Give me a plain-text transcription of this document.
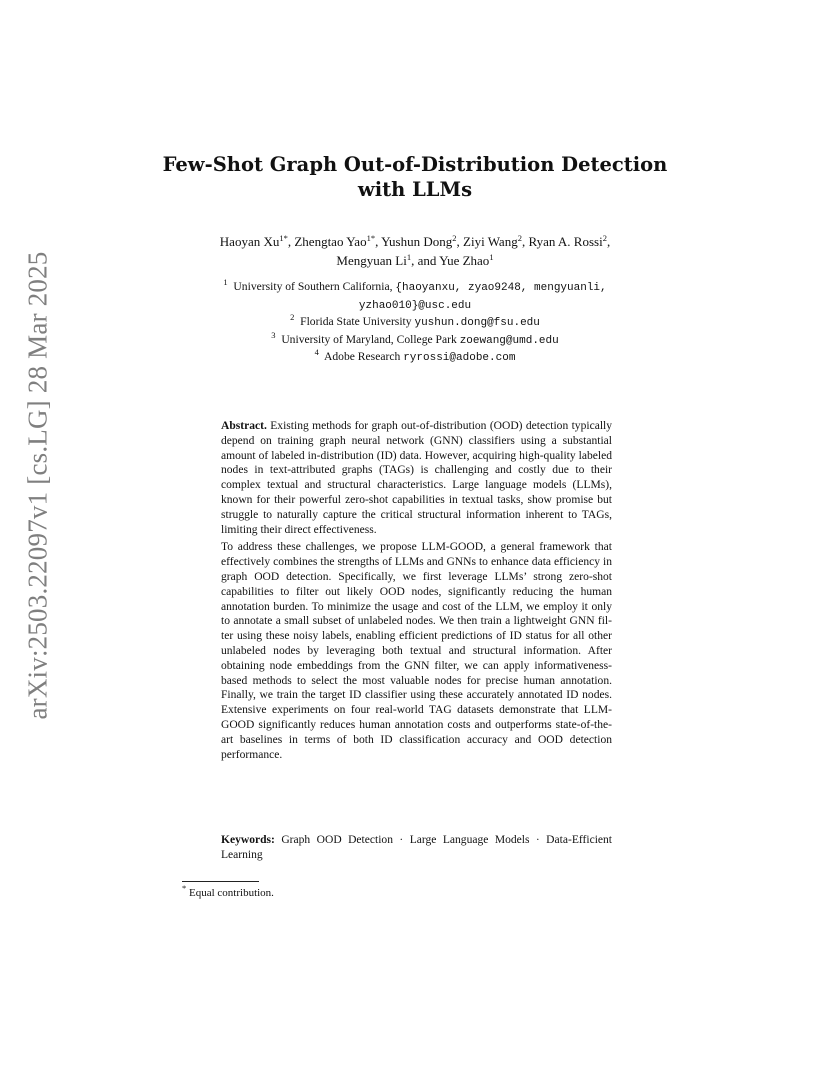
arXiv:2503.22097v1 [cs.LG] 28 Mar 2025
Few-Shot Graph Out-of-Distribution Detection
with LLMs
Haoyan $Xu^{1*}$, Zhengtao Yao$^{1*}$, Yushun Dong$^2$, Ziyi Wang$^2$, Ryan A. Rossi$^2$,
Mengyuan Li$^1$, and Yue Zhao$^1$
$^1$ University of Southern California, {haoyanxu, zyao9248, mengyuanli,
yzhao010}@usc.edu
$^2$ Florida State University yushun.dong@fsu.edu
$^3$ University of Maryland, College Park zoewang@umd.edu
$^4$ Adobe Research ryrossi@adobe.com

Abstract. Existing methods for graph out-of-distribution (OOD) detection typically depend on training graph neural network (GNN) classifiers using a substantial amount of labeled in-distribution (ID) data. However, acquiring high-quality labeled nodes in text-attributed graphs (TAGs) is challenging and costly due to their complex textual and structural characteristics. Large language models (LLMs), known for their powerful zero-shot capabilities in textual tasks, show promise but struggle to naturally capture the critical structural information inherent to TAGs, limiting their direct effectiveness.

To address these challenges, we propose LLM-GOOD, a general framework that effectively combines the strengths of LLMs and GNNs to enhance data efficiency in graph OOD detection. Specifically, we first leverage LLMs’ strong zero-shot capabilities to filter out likely OOD nodes, significantly reducing the human annotation burden. To minimize the usage and cost of the LLM, we employ it only to annotate a small subset of unlabeled nodes. We then train a lightweight GNN filter using these noisy labels, enabling efficient predictions of ID status for all other unlabeled nodes by leveraging both textual and structural information. After obtaining node embeddings from the GNN filter, we can apply informativeness-based methods to select the most valuable nodes for precise human annotation. Finally, we train the target ID classifier using these accurately annotated ID nodes. Extensive experiments on four real-world TAG datasets demonstrate that LLM-GOOD significantly reduces human annotation costs and outperforms state-of-the-art baselines in terms of both ID classification accuracy and OOD detection performance.

Keywords: Graph OOD Detection · Large Language Models · Data-Efficient Learning
* Equal contribution.
